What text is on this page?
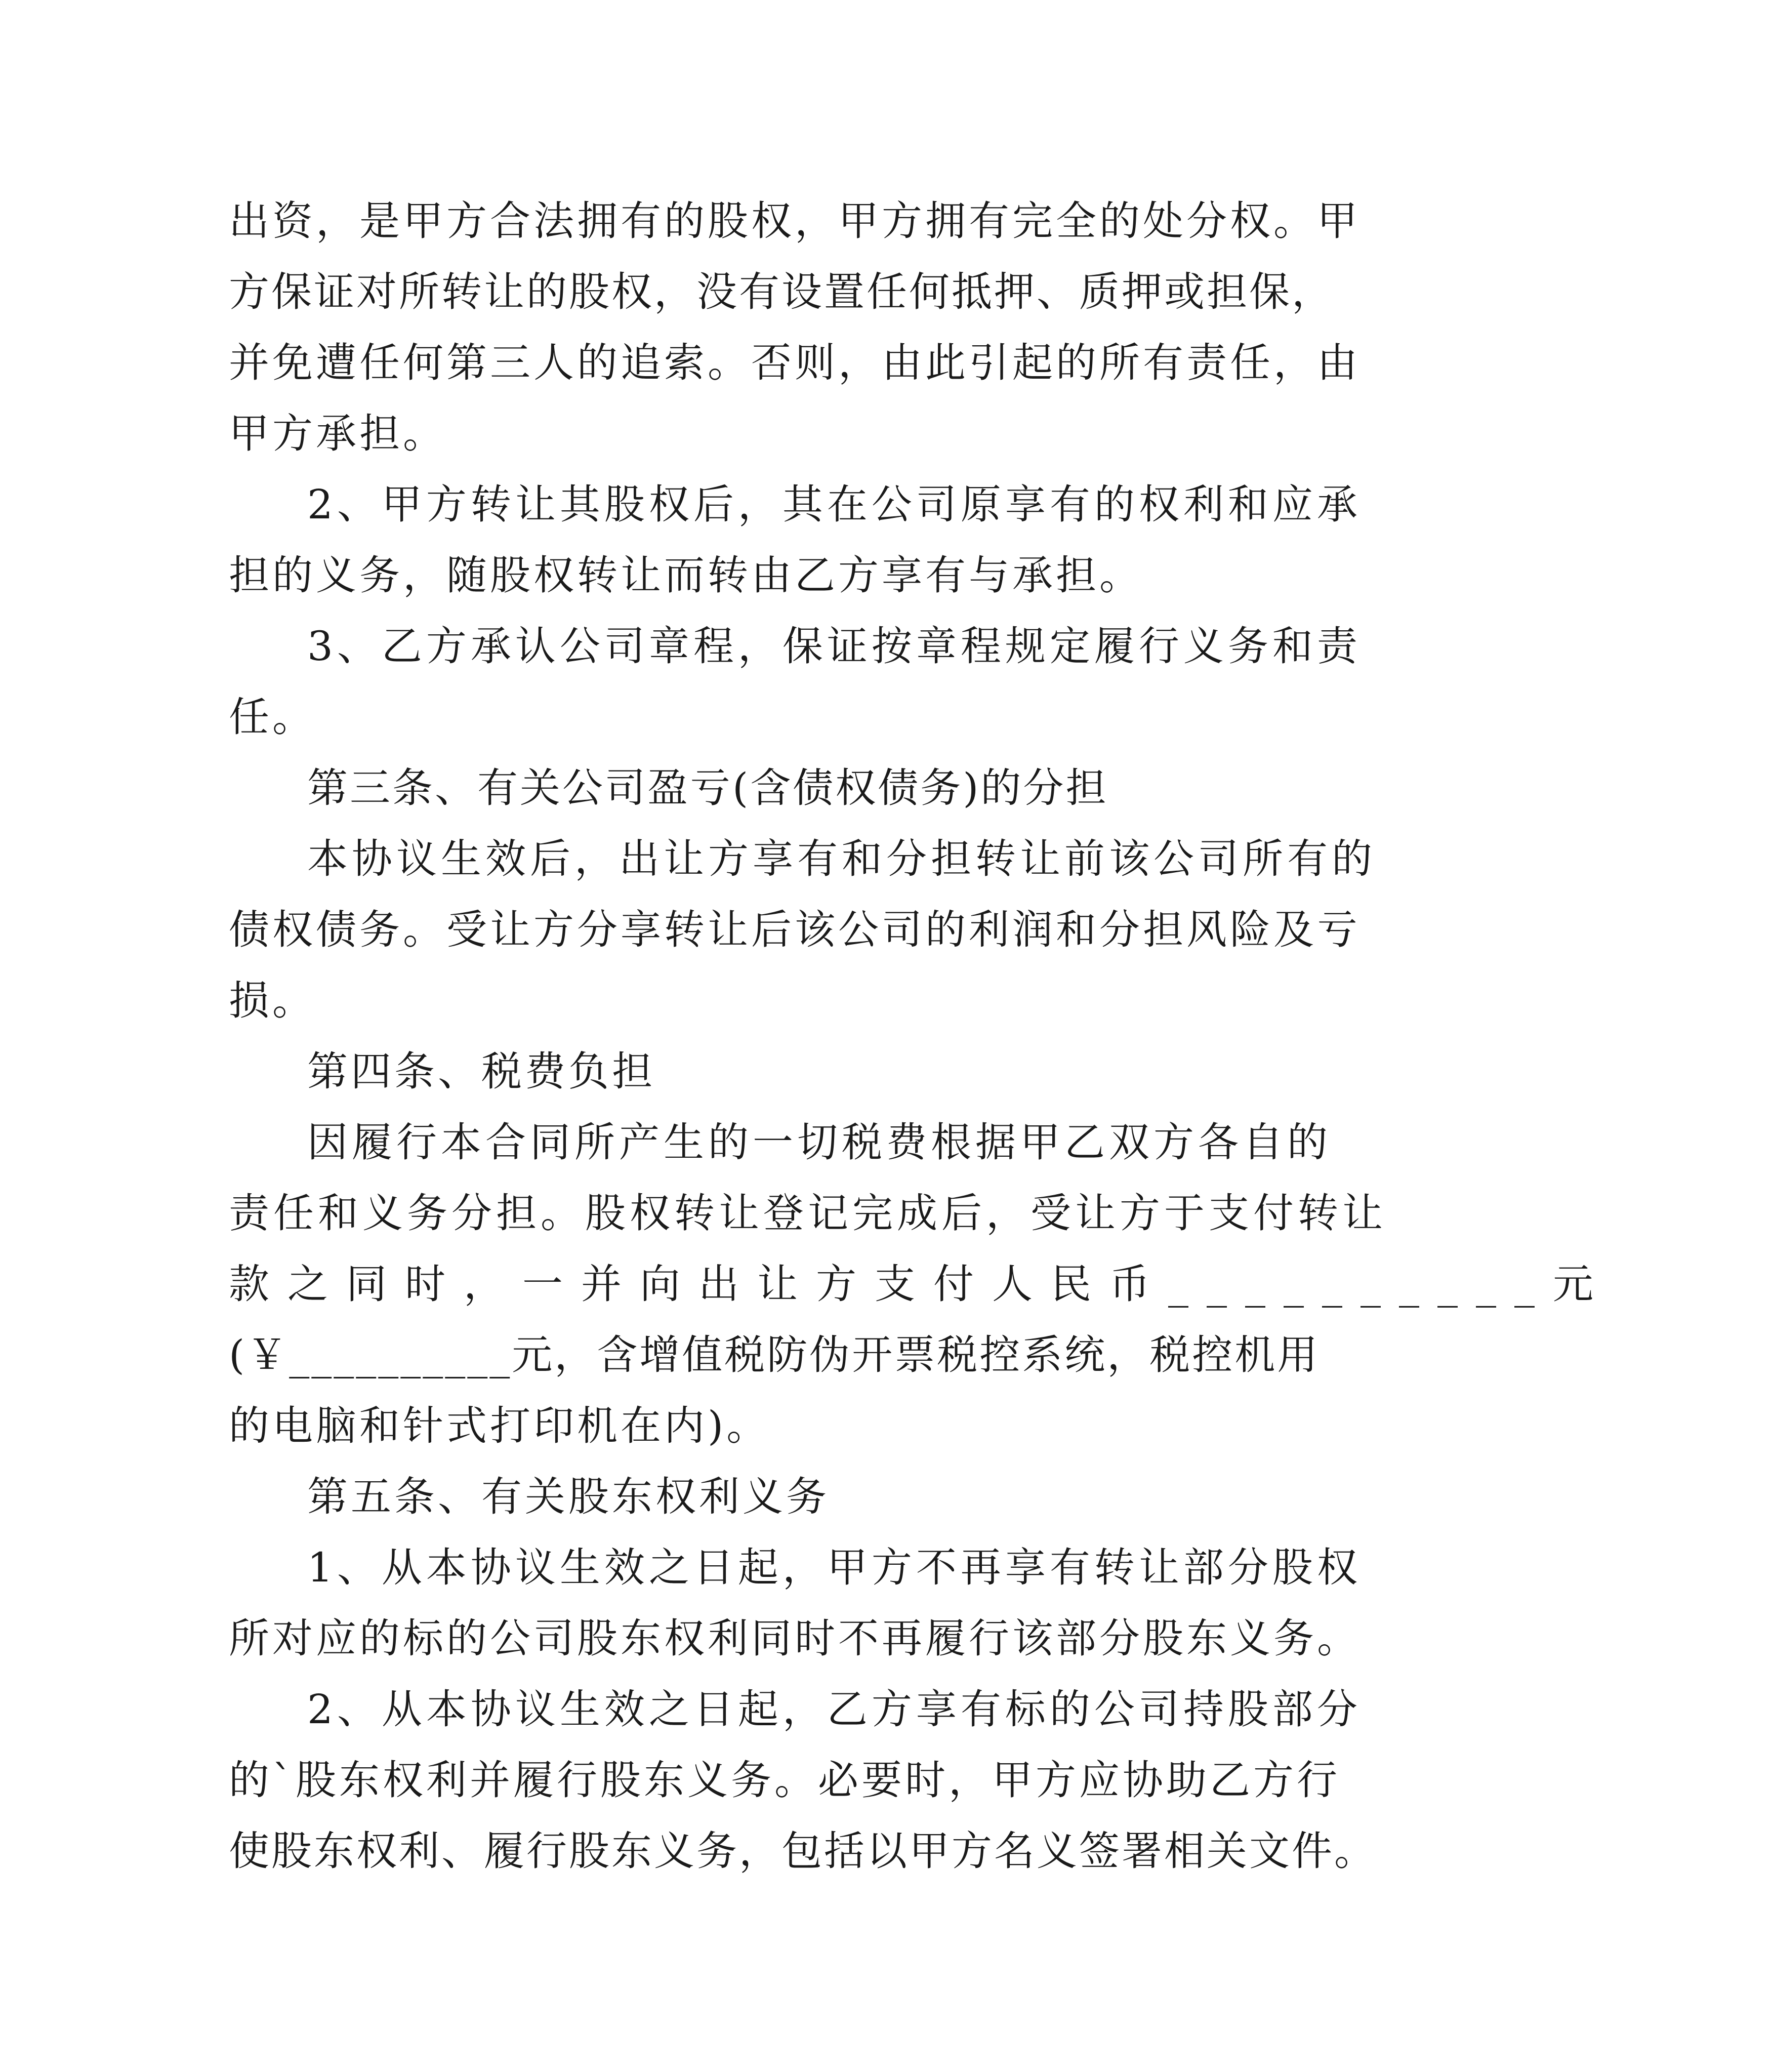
出资，是甲方合法拥有的股权，甲方拥有完全的处分权。甲
方保证对所转让的股权，没有设置任何抵押、质押或担保，
并免遭任何第三人的追索。否则，由此引起的所有责任，由
甲方承担。
2、甲方转让其股权后，其在公司原享有的权利和应承
担的义务，随股权转让而转由乙方享有与承担。
3、乙方承认公司章程，保证按章程规定履行义务和责
任。
第三条、有关公司盈亏(含债权债务)的分担
本协议生效后，出让方享有和分担转让前该公司所有的
债权债务。受让方分享转让后该公司的利润和分担风险及亏
损。
第四条、税费负担
因履行本合同所产生的一切税费根据甲乙双方各自的
责任和义务分担。股权转让登记完成后，受让方于支付转让
款之同时，一并向出让方支付人民币__________元
(￥__________元，含增值税防伪开票税控系统，税控机用
的电脑和针式打印机在内)。
第五条、有关股东权利义务
1、从本协议生效之日起，甲方不再享有转让部分股权
所对应的标的公司股东权利同时不再履行该部分股东义务。
2、从本协议生效之日起，乙方享有标的公司持股部分
的`股东权利并履行股东义务。必要时，甲方应协助乙方行
使股东权利、履行股东义务，包括以甲方名义签署相关文件。
